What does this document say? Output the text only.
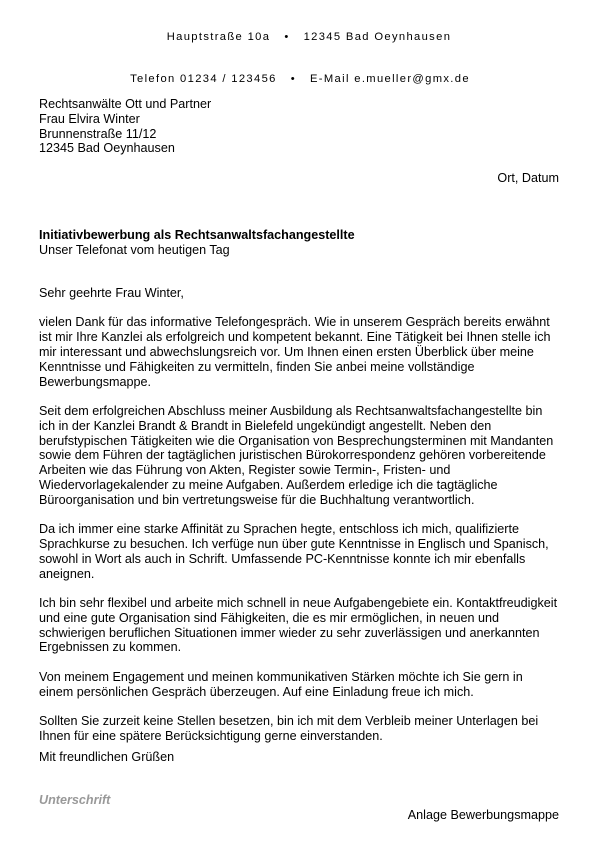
Hauptstraße 10a • 12345 Bad Oeynhausen

Telefon 01234 / 123456 • E-Mail e.mueller@gmx.de

Rechtsanwälte Ott und Partner
Frau Elvira Winter
Brunnenstraße 11/12
12345 Bad Oeynhausen
Ort, Datum
Initiativbewerbung als Rechtsanwaltsfachangestellte
Unser Telefonat vom heutigen Tag
Sehr geehrte Frau Winter,

vielen Dank für das informative Telefongespräch. Wie in unserem Gespräch bereits erwähnt
ist mir Ihre Kanzlei als erfolgreich und kompetent bekannt. Eine Tätigkeit bei Ihnen stelle ich
mir interessant und abwechslungsreich vor. Um Ihnen einen ersten Überblick über meine
Kenntnisse und Fähigkeiten zu vermitteln, finden Sie anbei meine vollständige
Bewerbungsmappe.

Seit dem erfolgreichen Abschluss meiner Ausbildung als Rechtsanwaltsfachangestellte bin
ich in der Kanzlei Brandt & Brandt in Bielefeld ungekündigt angestellt. Neben den
berufstypischen Tätigkeiten wie die Organisation von Besprechungsterminen mit Mandanten
sowie dem Führen der tagtäglichen juristischen Bürokorrespondenz gehören vorbereitende
Arbeiten wie das Führung von Akten, Register sowie Termin-, Fristen- und
Wiedervorlagekalender zu meine Aufgaben. Außerdem erledige ich die tagtägliche
Büroorganisation und bin vertretungsweise für die Buchhaltung verantwortlich.

Da ich immer eine starke Affinität zu Sprachen hegte, entschloss ich mich, qualifizierte
Sprachkurse zu besuchen. Ich verfüge nun über gute Kenntnisse in Englisch und Spanisch,
sowohl in Wort als auch in Schrift. Umfassende PC-Kenntnisse konnte ich mir ebenfalls
aneignen.

Ich bin sehr flexibel und arbeite mich schnell in neue Aufgabengebiete ein. Kontaktfreudigkeit
und eine gute Organisation sind Fähigkeiten, die es mir ermöglichen, in neuen und
schwierigen beruflichen Situationen immer wieder zu sehr zuverlässigen und anerkannten
Ergebnissen zu kommen.

Von meinem Engagement und meinen kommunikativen Stärken möchte ich Sie gern in
einem persönlichen Gespräch überzeugen. Auf eine Einladung freue ich mich.

Sollten Sie zurzeit keine Stellen besetzen, bin ich mit dem Verbleib meiner Unterlagen bei
Ihnen für eine spätere Berücksichtigung gerne einverstanden.

Mit freundlichen Grüßen
Unterschrift
Anlage Bewerbungsmappe
